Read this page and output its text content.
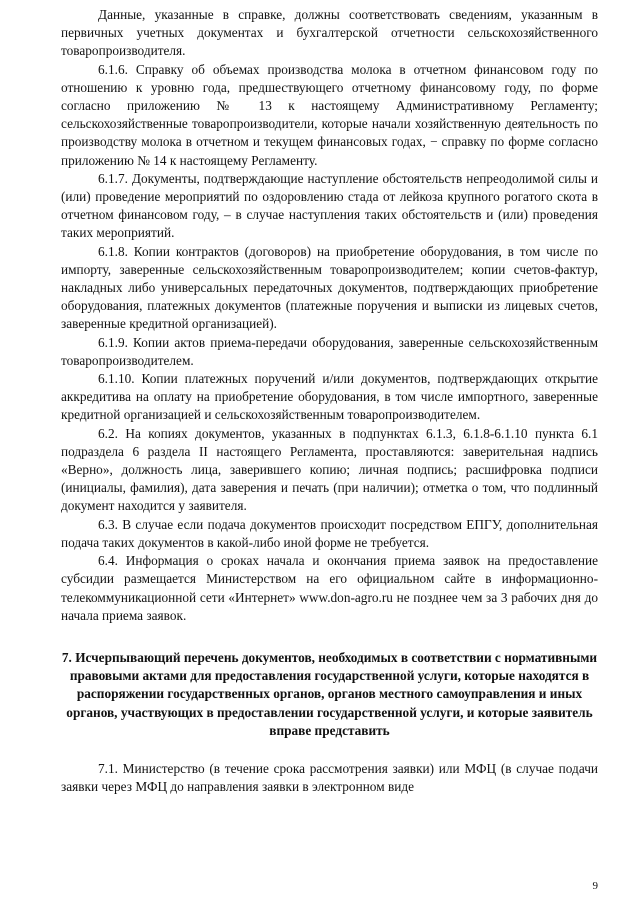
Данные, указанные в справке, должны соответствовать сведениям, указанным в первичных учетных документах и бухгалтерской отчетности сельскохозяйственного товаропроизводителя.

6.1.6. Справку об объемах производства молока в отчетном финансовом году по отношению к уровню года, предшествующего отчетному финансовому году, по форме согласно приложению № 13 к настоящему Административному Регламенту; сельскохозяйственные товаропроизводители, которые начали хозяйственную деятельность по производству молока в отчетном и текущем финансовых годах, − справку по форме согласно приложению № 14 к настоящему Регламенту.

6.1.7. Документы, подтверждающие наступление обстоятельств непреодолимой силы и (или) проведение мероприятий по оздоровлению стада от лейкоза крупного рогатого скота в отчетном финансовом году, – в случае наступления таких обстоятельств и (или) проведения таких мероприятий.

6.1.8. Копии контрактов (договоров) на приобретение оборудования, в том числе по импорту, заверенные сельскохозяйственным товаропроизводителем; копии счетов-фактур, накладных либо универсальных передаточных документов, подтверждающих приобретение оборудования, платежных документов (платежные поручения и выписки из лицевых счетов, заверенные кредитной организацией).

6.1.9. Копии актов приема-передачи оборудования, заверенные сельскохозяйственным товаропроизводителем.

6.1.10. Копии платежных поручений и/или документов, подтверждающих открытие аккредитива на оплату на приобретение оборудования, в том числе импортного, заверенные кредитной организацией и сельскохозяйственным товаропроизводителем.

6.2. На копиях документов, указанных в подпунктах 6.1.3, 6.1.8-6.1.10 пункта 6.1 подраздела 6 раздела II настоящего Регламента, проставляются: заверительная надпись «Верно», должность лица, заверившего копию; личная подпись; расшифровка подписи (инициалы, фамилия), дата заверения и печать (при наличии); отметка о том, что подлинный документ находится у заявителя.

6.3. В случае если подача документов происходит посредством ЕПГУ, дополнительная подача таких документов в какой-либо иной форме не требуется.

6.4. Информация о сроках начала и окончания приема заявок на предоставление субсидии размещается Министерством на его официальном сайте в информационно-телекоммуникационной сети «Интернет» www.don-agro.ru не позднее чем за 3 рабочих дня до начала приема заявок.

7. Исчерпывающий перечень документов, необходимых в соответствии с нормативными правовыми актами для предоставления государственной услуги, которые находятся в распоряжении государственных органов, органов местного самоуправления и иных органов, участвующих в предоставлении государственной услуги, и которые заявитель вправе представить

7.1. Министерство (в течение срока рассмотрения заявки) или МФЦ (в случае подачи заявки через МФЦ до направления заявки в электронном виде

9
